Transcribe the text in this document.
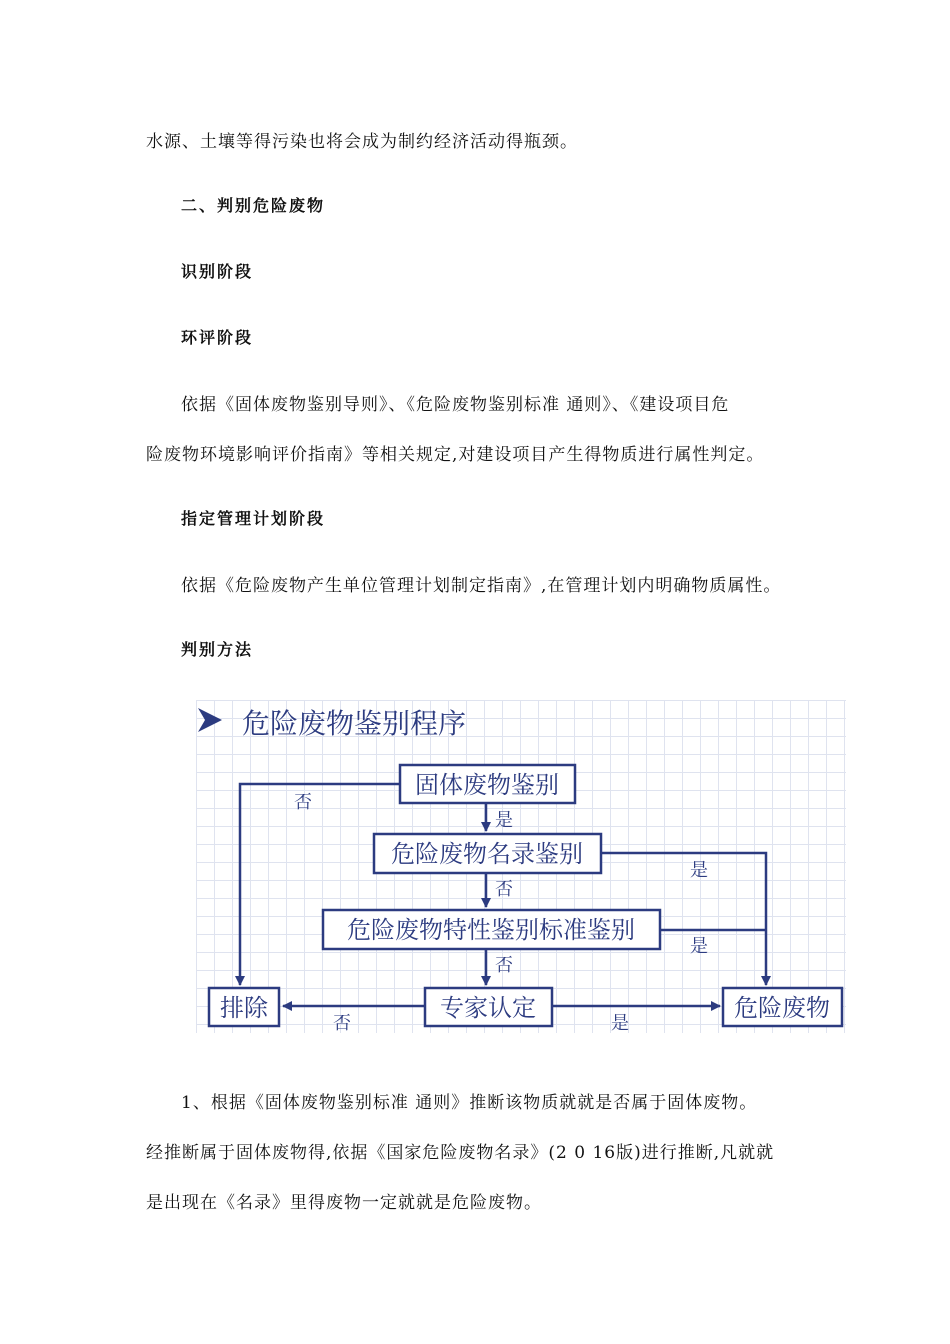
水源、土壤等得污染也将会成为制约经济活动得瓶颈。
二、判别危险废物
识别阶段
环评阶段
依据《固体废物鉴别导则》、《危险废物鉴别标准 通则》、《建设项目危
险废物环境影响评价指南》等相关规定,对建设项目产生得物质进行属性判定。
指定管理计划阶段
依据《危险废物产生单位管理计划制定指南》,在管理计划内明确物质属性。
判别方法
危险废物鉴别程序
固体废物鉴别
危险废物名录鉴别
危险废物特性鉴别标准鉴别
专家认定
排除	危险废物
否
是
否
是
否
是
否	是
1、根据《固体废物鉴别标准 通则》推断该物质就就是否属于固体废物。
经推断属于固体废物得,依据《国家危险废物名录》(2 0 16版)进行推断,凡就就
是出现在《名录》里得废物一定就就是危险废物。
